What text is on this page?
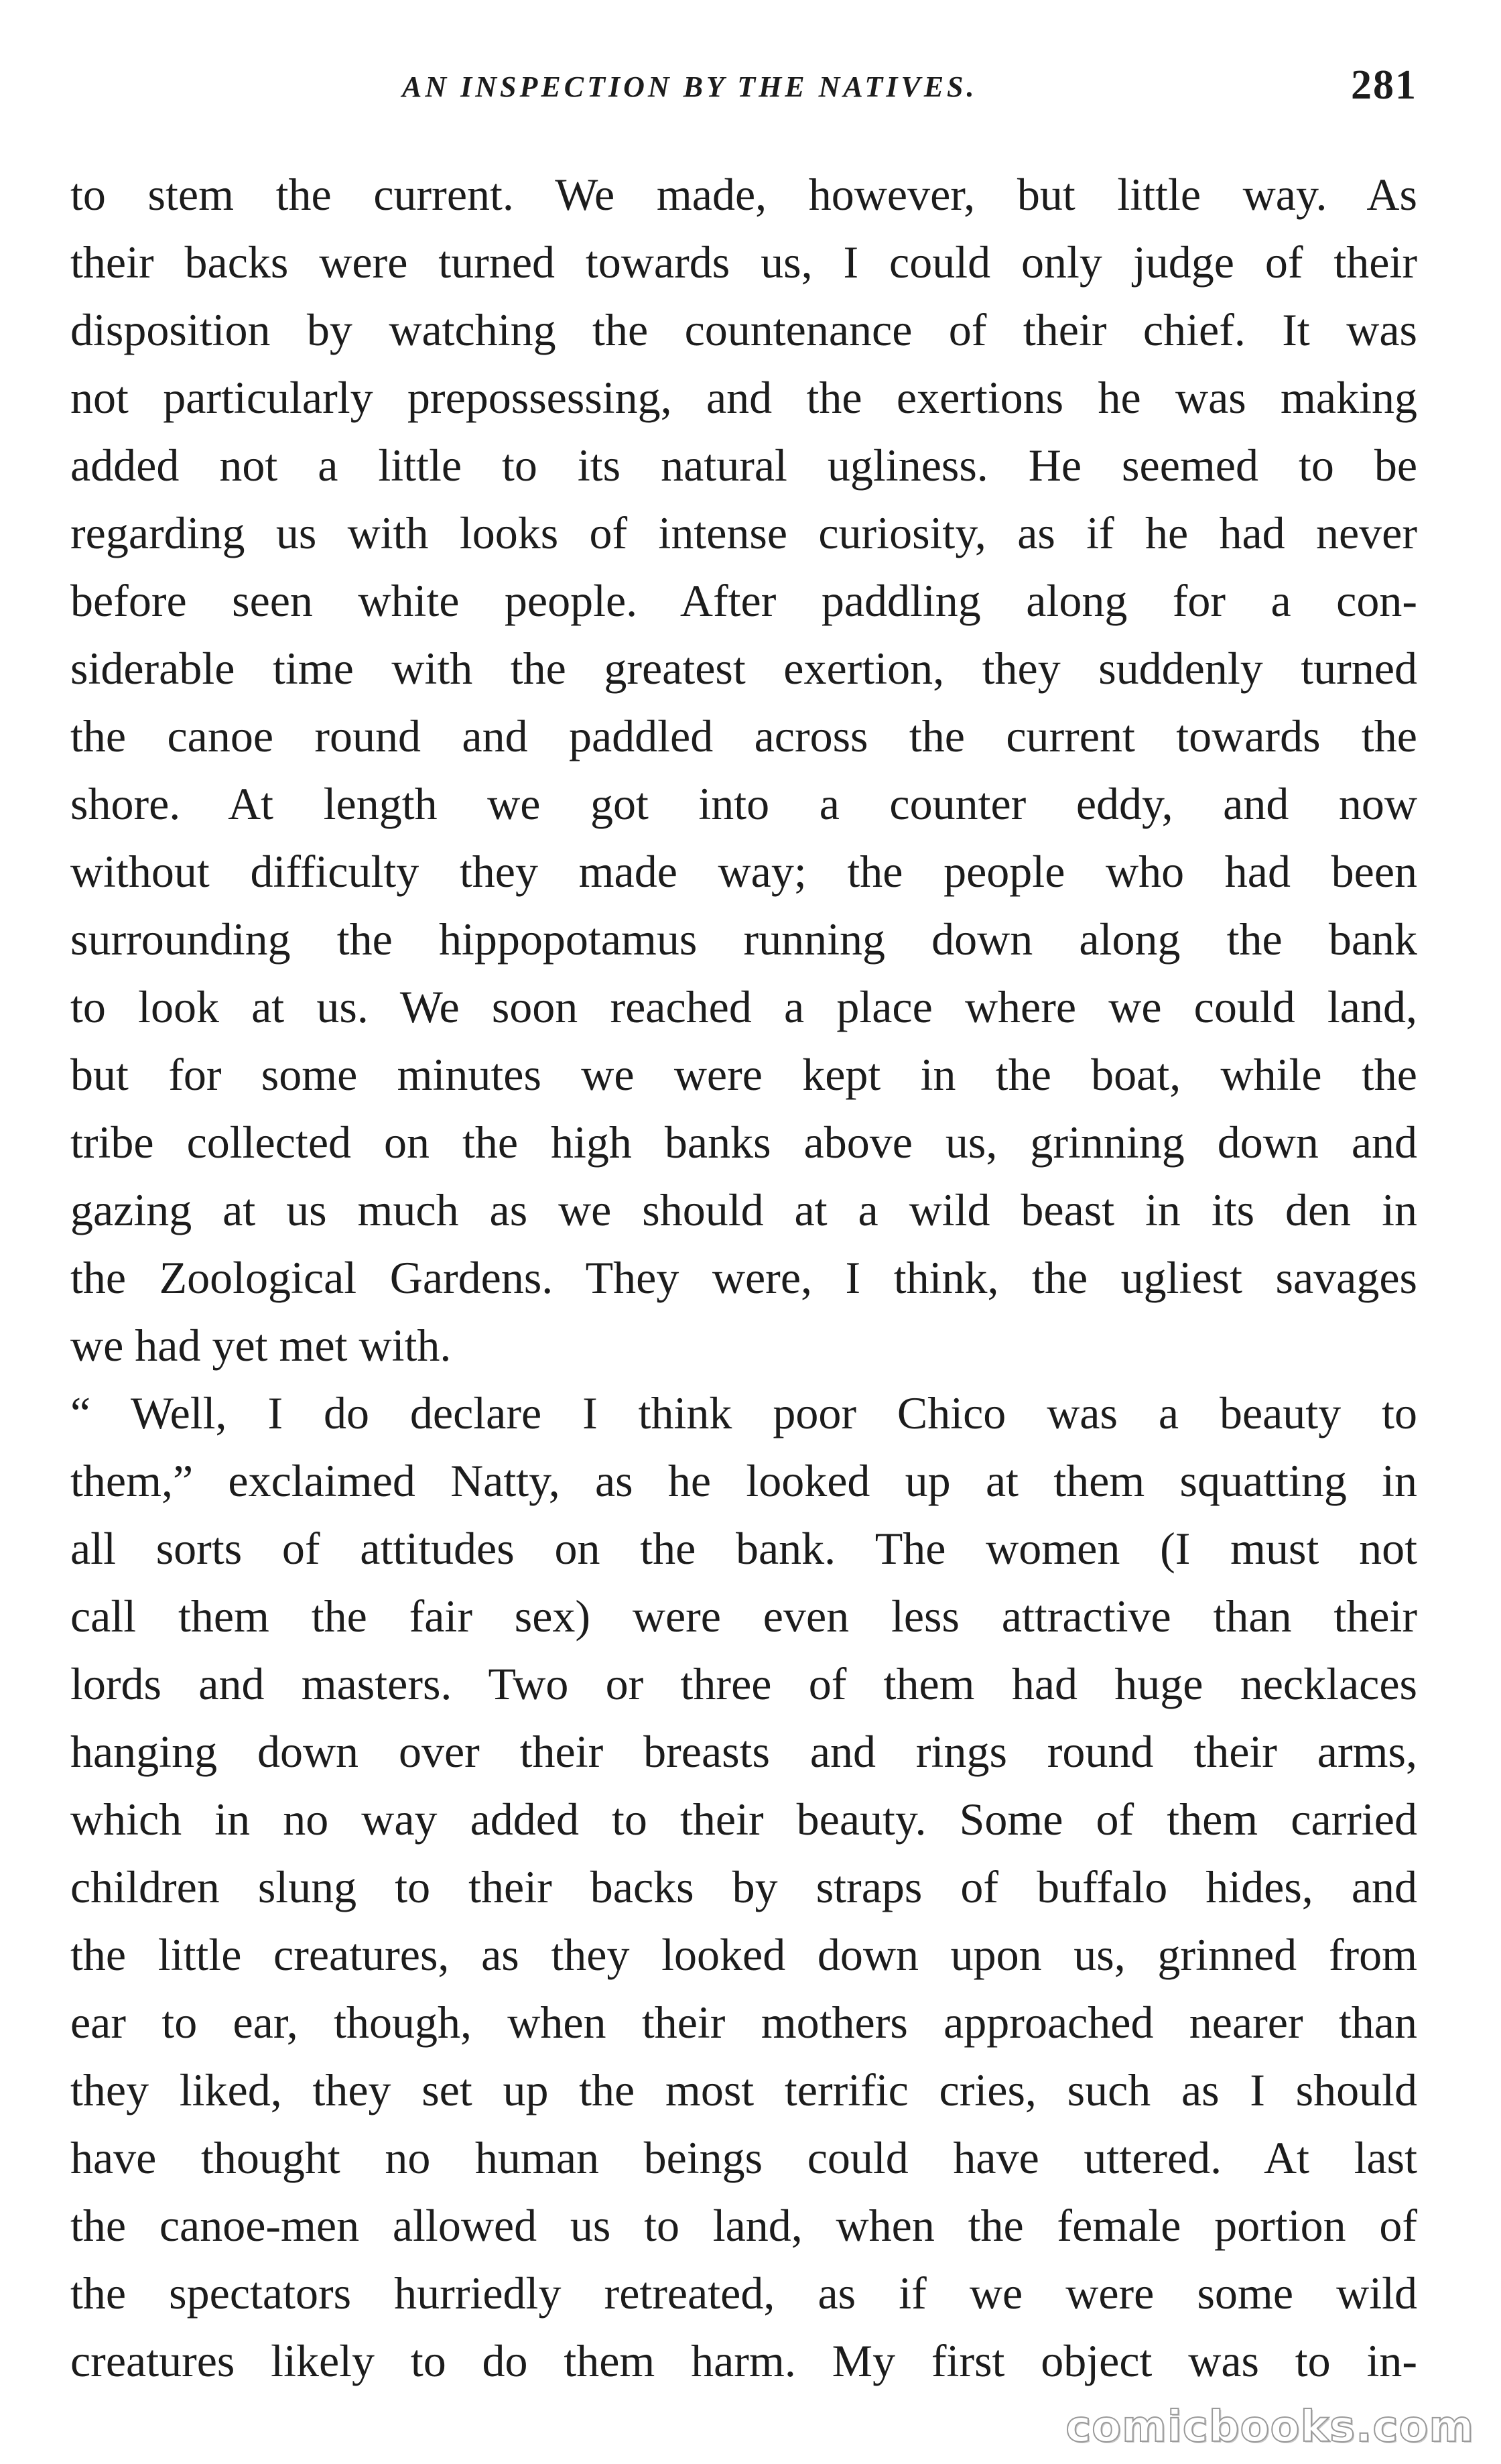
AN INSPECTION BY THE NATIVES.	281
to stem the current. We made, however, but little way. As
their backs were turned towards us, I could only judge of their
disposition by watching the countenance of their chief. It was
not particularly prepossessing, and the exertions he was making
added not a little to its natural ugliness. He seemed to be
regarding us with looks of intense curiosity, as if he had never
before seen white people. After paddling along for a con-
siderable time with the greatest exertion, they suddenly turned
the canoe round and paddled across the current towards the
shore. At length we got into a counter eddy, and now
without difficulty they made way; the people who had been
surrounding the hippopotamus running down along the bank
to look at us. We soon reached a place where we could land,
but for some minutes we were kept in the boat, while the
tribe collected on the high banks above us, grinning down and
gazing at us much as we should at a wild beast in its den in
the Zoological Gardens. They were, I think, the ugliest savages
we had yet met with.
“ Well, I do declare I think poor Chico was a beauty to
them,” exclaimed Natty, as he looked up at them squatting in
all sorts of attitudes on the bank. The women (I must not
call them the fair sex) were even less attractive than their
lords and masters. Two or three of them had huge necklaces
hanging down over their breasts and rings round their arms,
which in no way added to their beauty. Some of them carried
children slung to their backs by straps of buffalo hides, and
the little creatures, as they looked down upon us, grinned from
ear to ear, though, when their mothers approached nearer than
they liked, they set up the most terrific cries, such as I should
have thought no human beings could have uttered. At last
the canoe-men allowed us to land, when the female portion of
the spectators hurriedly retreated, as if we were some wild
creatures likely to do them harm. My first object was to in-
comicbooks.com
